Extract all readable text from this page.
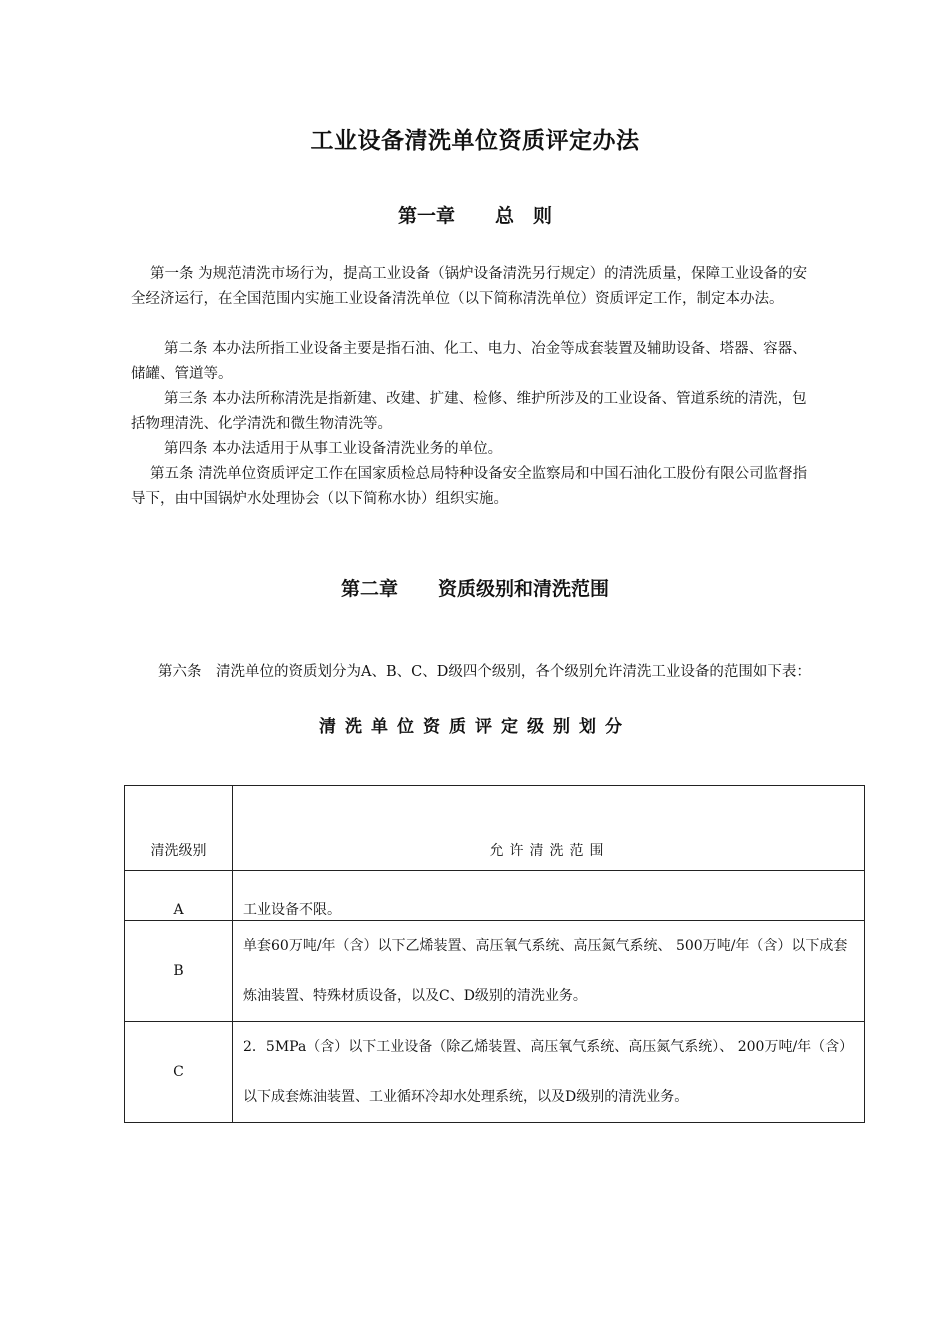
工业设备清洗单位资质评定办法
第一章 总　则

第一条 为规范清洗市场行为，提高工业设备（锅炉设备清洗另行规定）的清洗质量，保障工业设备的安全经济运行，在全国范围内实施工业设备清洗单位（以下简称清洗单位）资质评定工作，制定本办法。

第二条 本办法所指工业设备主要是指石油、化工、电力、冶金等成套装置及辅助设备、塔器、容器、储罐、管道等。

第三条 本办法所称清洗是指新建、改建、扩建、检修、维护所涉及的工业设备、管道系统的清洗，包括物理清洗、化学清洗和微生物清洗等。

第四条 本办法适用于从事工业设备清洗业务的单位。

第五条 清洗单位资质评定工作在国家质检总局特种设备安全监察局和中国石油化工股份有限公司监督指导下，由中国锅炉水处理协会（以下简称水协）组织实施。

第二章 资质级别和清洗范围

第六条　清洗单位的资质划分为A、B、C、D级四个级别，各个级别允许清洗工业设备的范围如下表：

清洗单位资质评定级别划分
清洗级别	允许清洗范围

A	工业设备不限。

B	单套60万吨/年（含）以下乙烯装置、高压氧气系统、高压氮气系统、 500万吨/年（含）以下成套炼油装置、特殊材质设备，以及C、D级别的清洗业务。
C	2．5MPa（含）以下工业设备（除乙烯装置、高压氧气系统、高压氮气系统）、 200万吨/年（含）以下成套炼油装置、工业循环冷却水处理系统，以及D级别的清洗业务。
